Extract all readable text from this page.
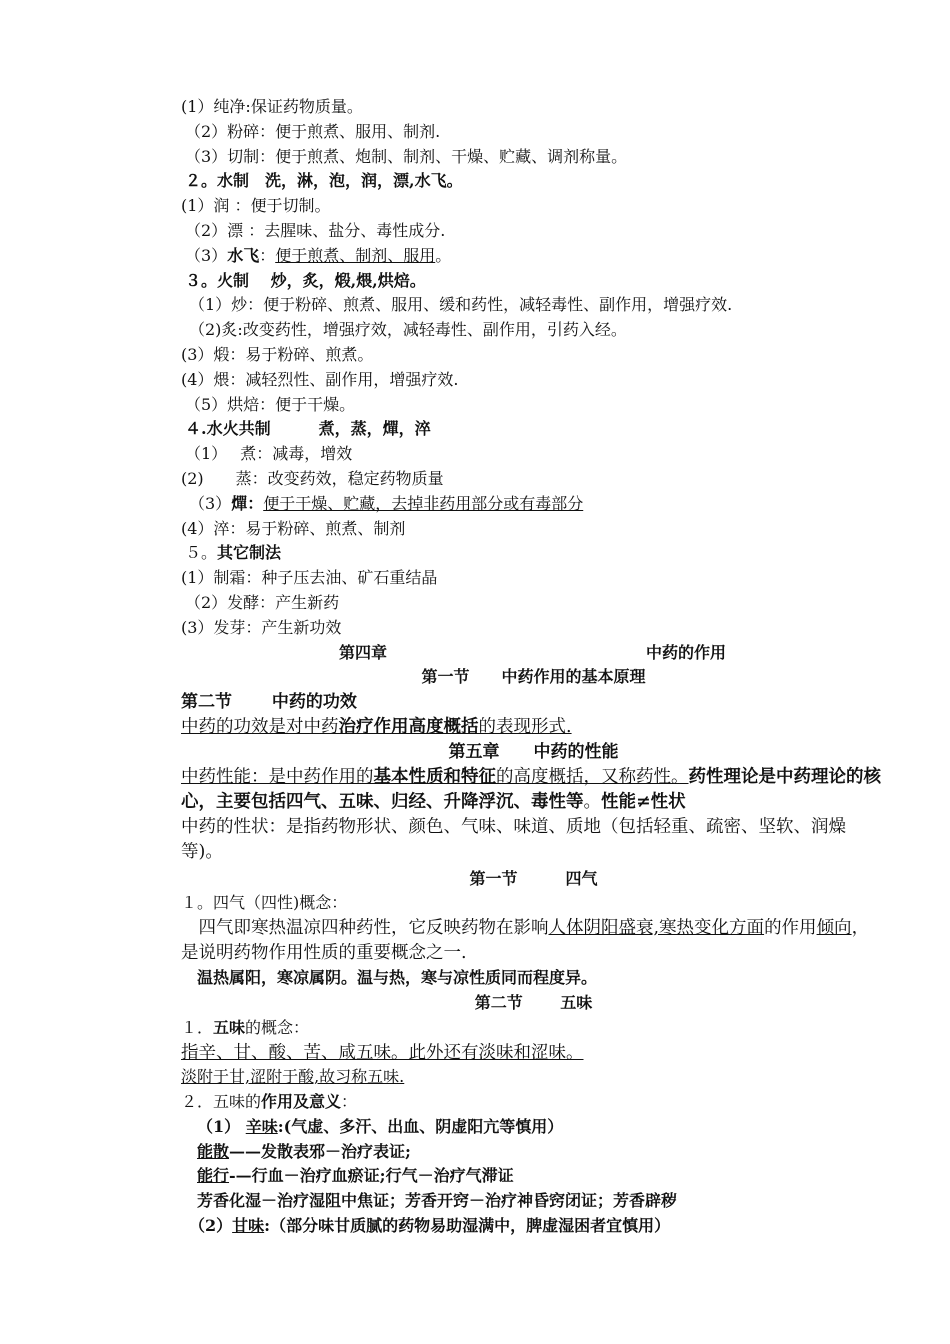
(1）纯净:保证药物质量。
（2）粉碎：便于煎煮、服用、制剂.
（3）切制：便于煎煮、炮制、制剂、干燥、贮藏、调剂称量。
２。水制　洗，淋，泡，润，漂,水飞。
(1）润 ：便于切制。
（2）漂 ：去腥味、盐分、毒性成分.
（3）水飞：便于煎煮、制剂、服用。
３。火制　 炒，炙，煅,煨,烘焙。
（1）炒：便于粉碎、煎煮、服用、缓和药性，减轻毒性、副作用，增强疗效.
（2)炙:改变药性，增强疗效，减轻毒性、副作用，引药入经。
(3）煅：易于粉碎、煎煮。
(4）煨：减轻烈性、副作用，增强疗效.
（5）烘焙：便于干燥。
４.水火共制　　　煮，蒸，燀，淬
（1）　 煮：减毒，增效
(2)　　蒸：改变药效，稳定药物质量
（3）燀：便于干燥、贮藏，去掉非药用部分或有毒部分
(4）淬：易于粉碎、煎煮、制剂
５。其它制法
(1）制霜：种子压去油、矿石重结晶
（2）发酵：产生新药
(3）发芽：产生新功效
第四章	中药的作用
第一节　　中药作用的基本原理
第二节　　 中药的功效
中药的功效是对中药治疗作用高度概括的表现形式.
第五章　　中药的性能
中药性能：是中药作用的基本性质和特征的高度概括，又称药性。药性理论是中药理论的核心，主要包括四气、五味、归经、升降浮沉、毒性等。性能≠性状
中药的性状：是指药物形状、颜色、气味、味道、质地（包括轻重、疏密、坚软、润燥等)。
第一节　　　四气
１。四气（四性)概念：
　四气即寒热温凉四种药性，它反映药物在影响人体阴阳盛衰,寒热变化方面的作用倾向，是说明药物作用性质的重要概念之一.
　温热属阳，寒凉属阴。温与热，寒与凉性质同而程度异。
第二节　　 五味
１．五味的概念：
指辛、甘、酸、苦、咸五味。此外还有淡味和涩味。
淡附于甘,涩附于酸,故习称五味.
２．五味的作用及意义：
（1） 辛味:(气虚、多汗、出血、阴虚阳亢等慎用）
能散——发散表邪－治疗表证;
能行-—行血－治疗血瘀证;行气－治疗气滞证
芳香化湿－治疗湿阻中焦证；芳香开窍－治疗神昏窍闭证；芳香辟秽
（2）甘味:（部分味甘质腻的药物易助湿满中，脾虚湿困者宜慎用）
